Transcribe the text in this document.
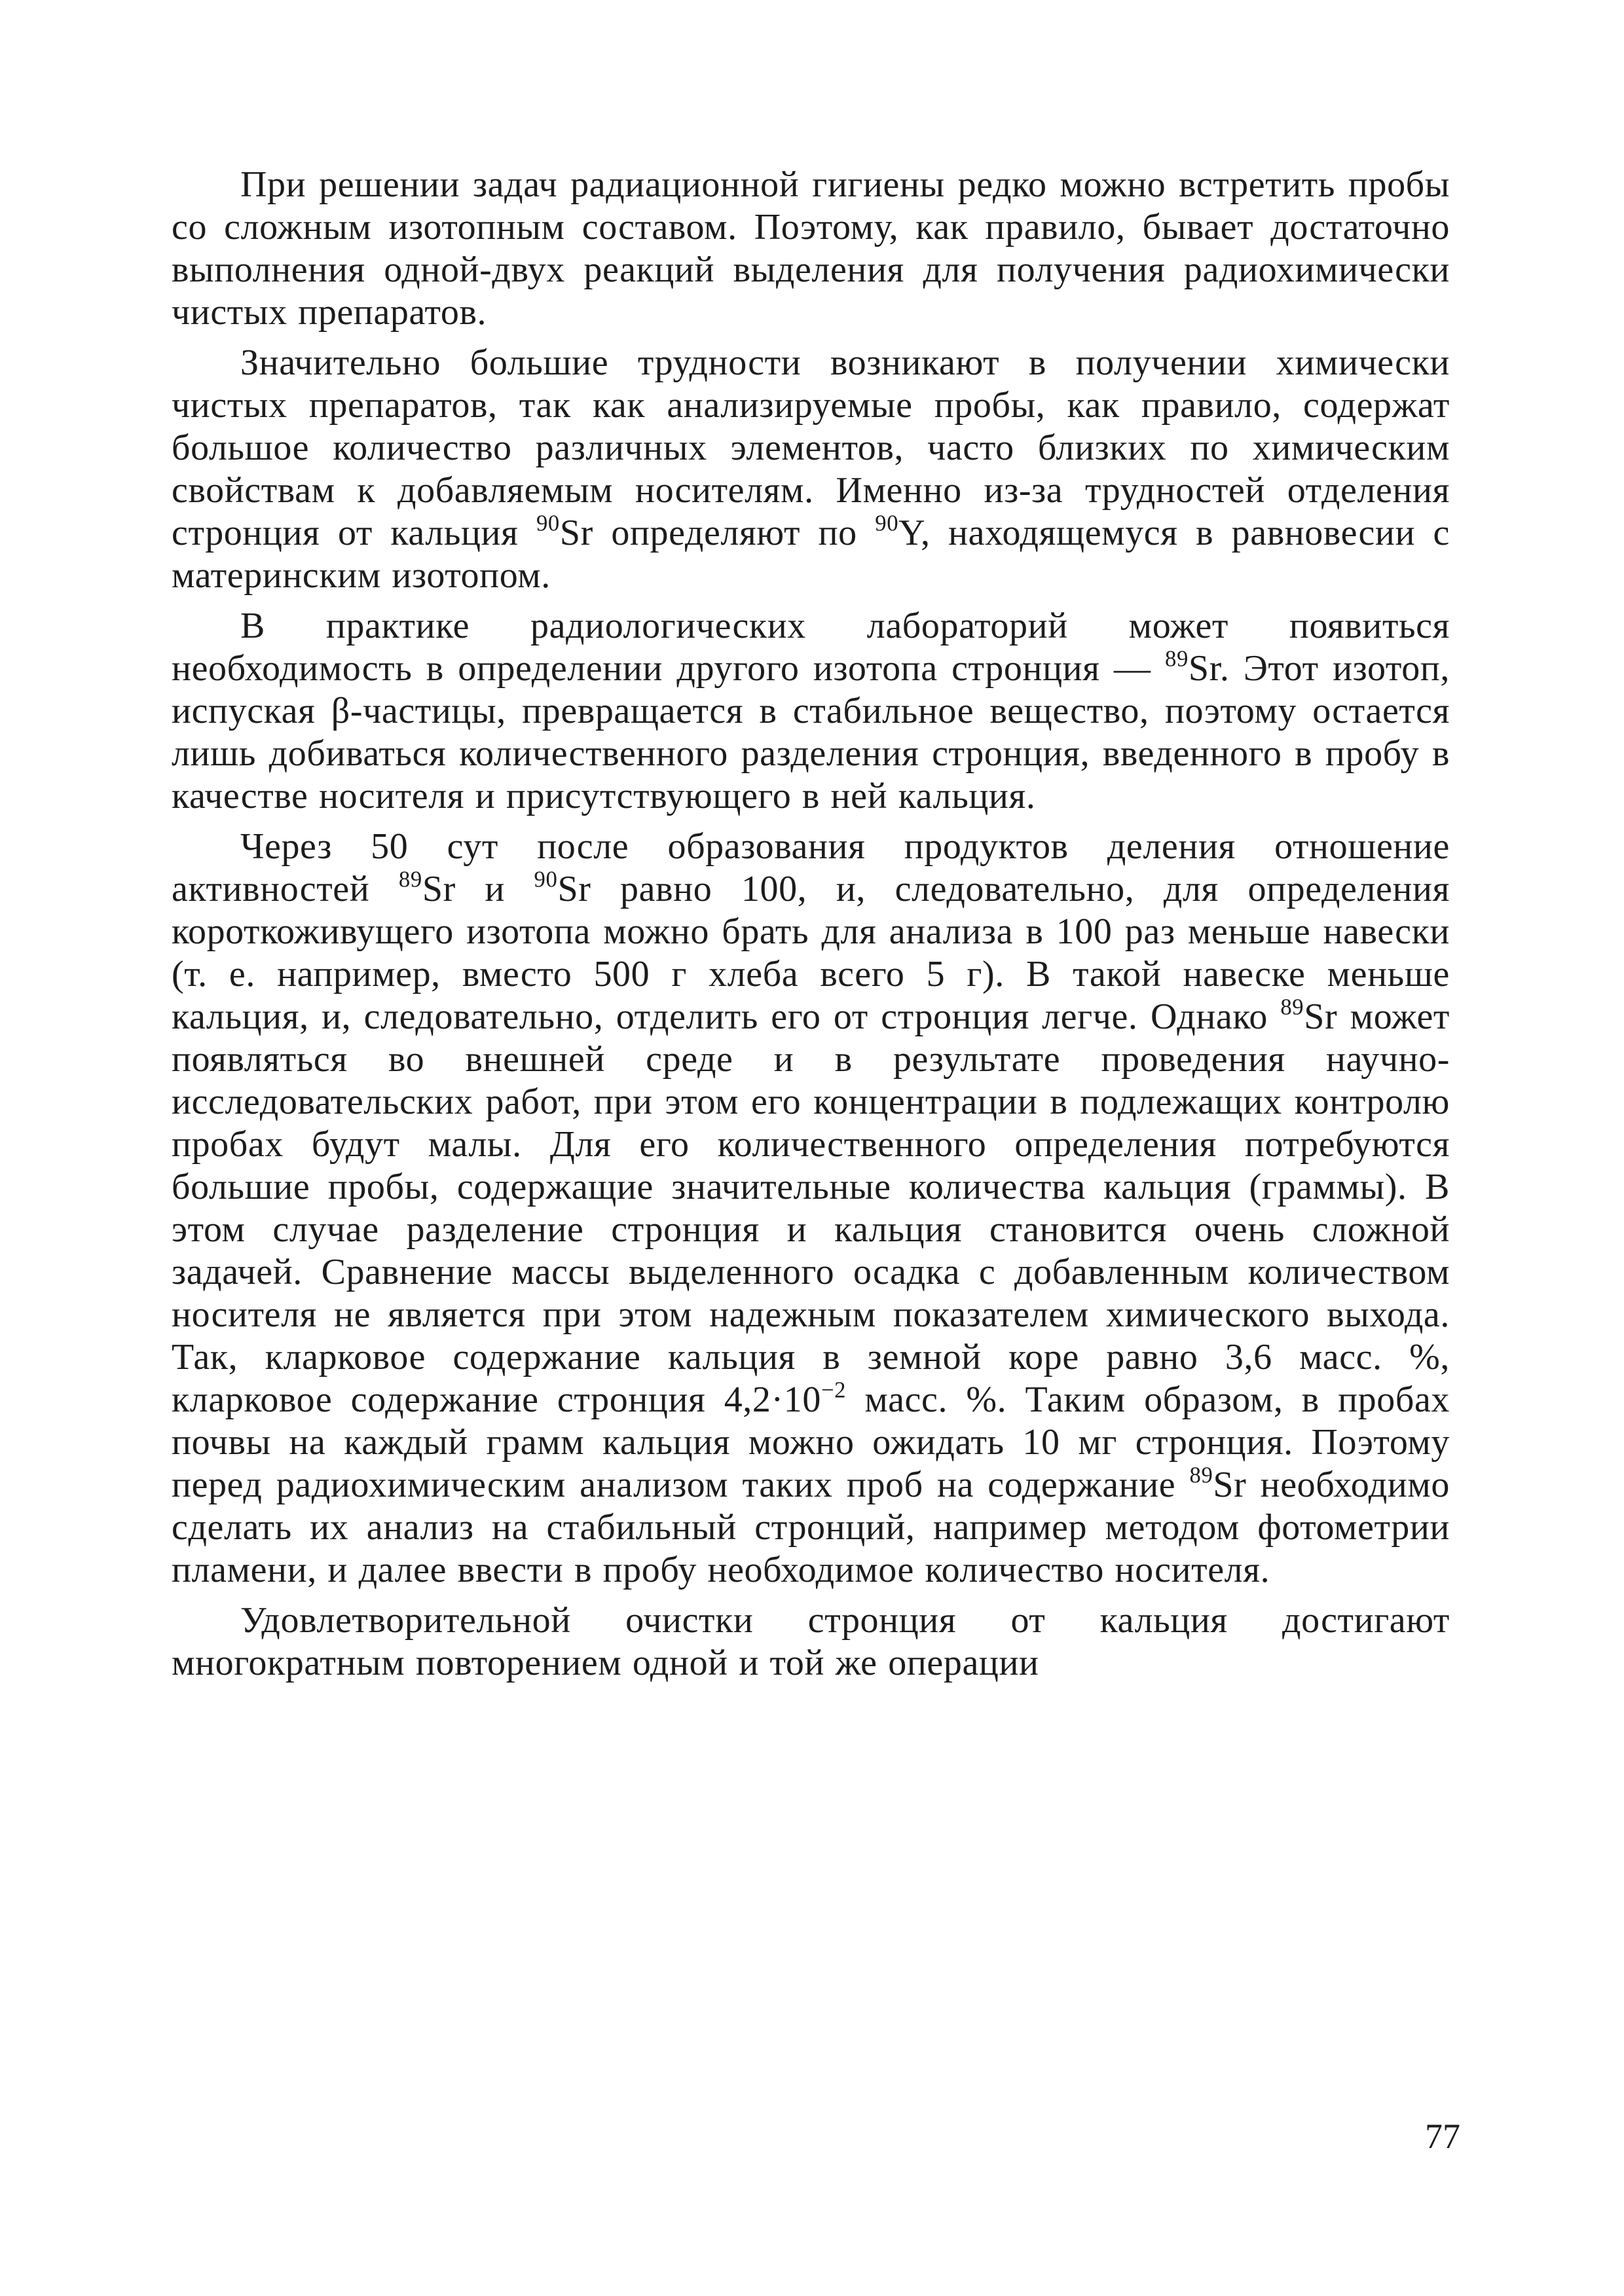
При решении задач радиационной гигиены редко можно встретить пробы со сложным изотопным составом. Поэтому, как правило, бывает достаточно выполнения одной-двух реакций выделения для получения радиохимически чистых препаратов.

Значительно большие трудности возникают в получении химически чистых препаратов, так как анализируемые пробы, как правило, содержат большое количество различных элементов, часто близких по химическим свойствам к добавляемым носителям. Именно из-за трудностей отделения стронция от кальция $^{90}$Sr определяют по $^{90}$Y, находящемуся в равновесии с материнским изотопом.

В практике радиологических лабораторий может появиться необходимость в определении другого изотопа стронция — $^{89}$Sr. Этот изотоп, испуская β-частицы, превращается в стабильное вещество, поэтому остается лишь добиваться количественного разделения стронция, введенного в пробу в качестве носителя и присутствующего в ней кальция.

Через 50 сут после образования продуктов деления отношение активностей $^{89}$Sr и $^{90}$Sr равно 100, и, следовательно, для определения короткоживущего изотопа можно брать для анализа в 100 раз меньше навески (т. е. например, вместо 500 г хлеба всего 5 г). В такой навеске меньше кальция, и, следовательно, отделить его от стронция легче. Однако $^{89}$Sr может появляться во внешней среде и в результате проведения научно-исследовательских работ, при этом его концентрации в подлежащих контролю пробах будут малы. Для его количественного определения потребуются большие пробы, содержащие значительные количества кальция (граммы). В этом случае разделение стронция и кальция становится очень сложной задачей. Сравнение массы выделенного осадка с добавленным количеством носителя не является при этом надежным показателем химического выхода. Так, кларковое содержание кальция в земной коре равно 3,6 масс. %, кларковое содержание стронция $4,2\cdot 10^{-2}$ масс. %. Таким образом, в пробах почвы на каждый грамм кальция можно ожидать 10 мг стронция. Поэтому перед радиохимическим анализом таких проб на содержание $^{89}$Sr необходимо сделать их анализ на стабильный стронций, например методом фотометрии пламени, и далее ввести в пробу необходимое количество носителя.

Удовлетворительной очистки стронция от кальция достигают многократным повторением одной и той же операции

77
